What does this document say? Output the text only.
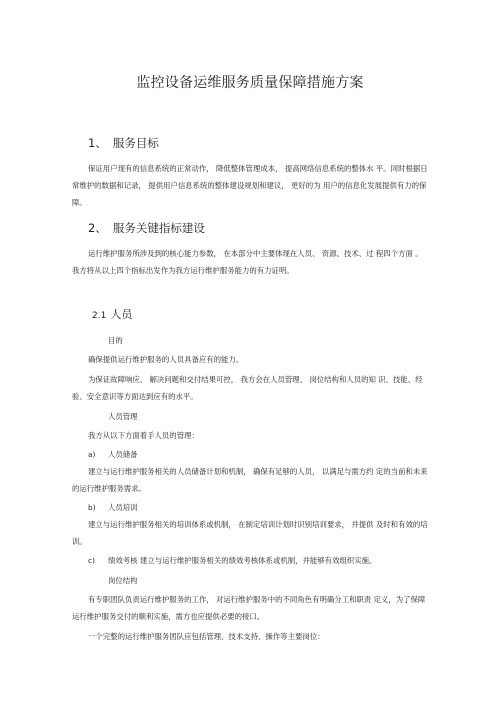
监控设备运维服务质量保障措施方案
1、 服务目标

保证用户现有的信息系统的正常动作， 降低整体管理成本， 提高网络信息系统的整体水 平。同时根据日常维护的数据和记录， 提供用户信息系统的整体建设规划和建议， 更好的为 用户的信息化发展提供有力的保障。

2、 服务关键指标建设

运行维护服务所涉及到的核心能力参数， 在本部分中主要体现在人员、 资源、技术、过 程四个方面 。我方将从以上四个指标出发作为我方运行维护服务能力的有力证明。

2.1 人员
目的

确保提供运行维护服务的人员具备应有的能力。

为保证故障响应、 解决问题和交付结果可控， 我方会在人员管理、 岗位结构和人员的知 识、技能、经验、安全意识等方面达到应有的水平。

人员管理

我方从以下方面着手人员的管理：

a) 人员储备

建立与运行维护服务相关的人员储备计划和机制， 确保有足够的人员， 以满足与需方约 定的当前和未来的运行维护服务需求。

b) 人员培训

建立与运行维护服务相关的培训体系或机制， 在制定培训计划时识别培训要求， 并提供 及时和有效的培训。

c) 绩效考核 建立与运行维护服务相关的绩效考核体系或机制，并能够有效组织实施。
岗位结构

有专职团队负责运行维护服务的工作， 对运行维护服务中的不同角色有明确分工和职责 定义，为了保障运行维护服务交付的顺利实施，需方也应提供必要的接口。

一个完整的运行维护服务团队应包括管理、技术支持、操作等主要岗位：
